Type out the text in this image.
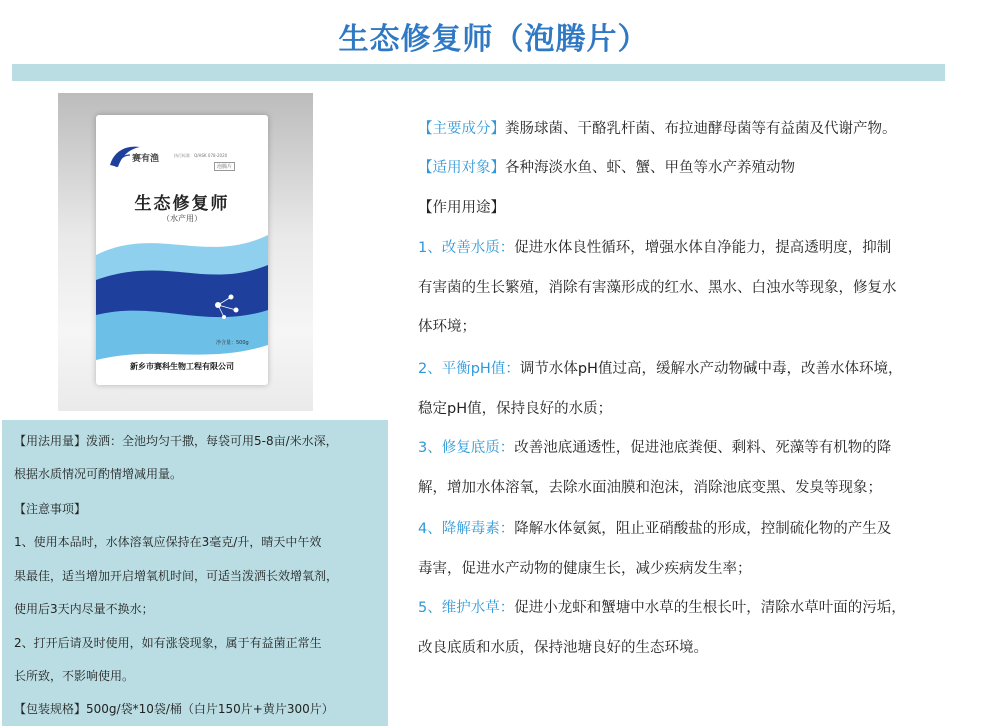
生态修复师（泡腾片）
赛有渔	执行标准：Q/HSK 078-2020
泡腾片
生态修复师
（水产用）
净含量：500g
新乡市赛科生物工程有限公司

【用法用量】泼洒：全池均匀干撒，每袋可用5-8亩/米水深，

根据水质情况可酌情增减用量。

【注意事项】

1、使用本品时，水体溶氧应保持在3毫克/升，晴天中午效

果最佳，适当增加开启增氧机时间，可适当泼洒长效增氧剂，

使用后3天内尽量不换水；

2、打开后请及时使用，如有涨袋现象，属于有益菌正常生

长所致，不影响使用。

【包装规格】500g/袋*10袋/桶（白片150片+黄片300片）

【主要成分】粪肠球菌、干酪乳杆菌、布拉迪酵母菌等有益菌及代谢产物。

【适用对象】各种海淡水鱼、虾、蟹、甲鱼等水产养殖动物

【作用用途】

1、改善水质：促进水体良性循环，增强水体自净能力，提高透明度，抑制

有害菌的生长繁殖，消除有害藻形成的红水、黑水、白浊水等现象，修复水

体环境；

2、平衡pH值：调节水体pH值过高，缓解水产动物碱中毒，改善水体环境，

稳定pH值，保持良好的水质；

3、修复底质：改善池底通透性，促进池底粪便、剩料、死藻等有机物的降

解，增加水体溶氧，去除水面油膜和泡沫，消除池底变黑、发臭等现象；

4、降解毒素：降解水体氨氮，阻止亚硝酸盐的形成，控制硫化物的产生及

毒害，促进水产动物的健康生长，减少疾病发生率；

5、维护水草：促进小龙虾和蟹塘中水草的生根长叶，清除水草叶面的污垢，

改良底质和水质，保持池塘良好的生态环境。
